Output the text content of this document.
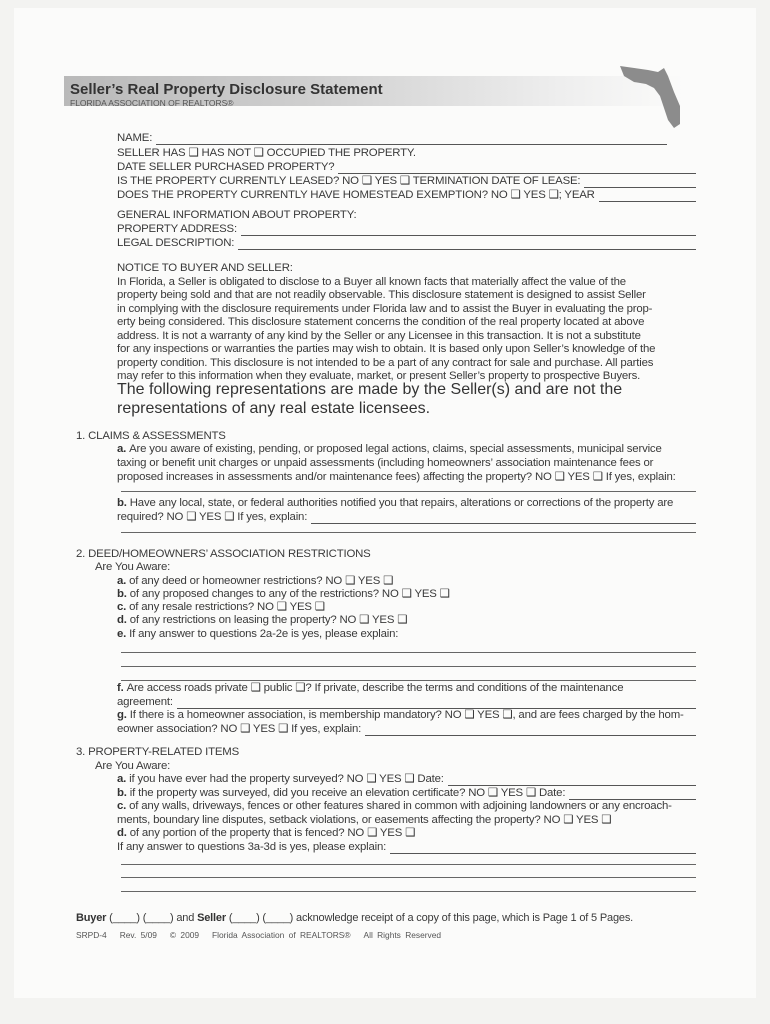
Seller’s Real Property Disclosure Statement
FLORIDA ASSOCIATION OF REALTORS®
NAME:
SELLER HAS ❑ HAS NOT ❑ OCCUPIED THE PROPERTY.
DATE SELLER PURCHASED PROPERTY?
IS THE PROPERTY CURRENTLY LEASED? NO ❑ YES ❑ TERMINATION DATE OF LEASE:
DOES THE PROPERTY CURRENTLY HAVE HOMESTEAD EXEMPTION? NO ❑ YES ❑; YEAR
GENERAL INFORMATION ABOUT PROPERTY:
PROPERTY ADDRESS:
LEGAL DESCRIPTION:
NOTICE TO BUYER AND SELLER:
In Florida, a Seller is obligated to disclose to a Buyer all known facts that materially affect the value of the
property being sold and that are not readily observable. This disclosure statement is designed to assist Seller
in complying with the disclosure requirements under Florida law and to assist the Buyer in evaluating the prop-
erty being considered. This disclosure statement concerns the condition of the real property located at above
address. It is not a warranty of any kind by the Seller or any Licensee in this transaction. It is not a substitute
for any inspections or warranties the parties may wish to obtain. It is based only upon Seller’s knowledge of the
property condition. This disclosure is not intended to be a part of any contract for sale and purchase. All parties
may refer to this information when they evaluate, market, or present Seller’s property to prospective Buyers.
The following representations are made by the Seller(s) and are not the
representations of any real estate licensees.
1. CLAIMS & ASSESSMENTS
a.
Are you aware of existing, pending, or proposed legal actions, claims, special assessments, municipal service
taxing or benefit unit charges or unpaid assessments (including homeowners’ association maintenance fees or
proposed increases in assessments and/or maintenance fees) affecting the property? NO ❑ YES ❑ If yes, explain:
b.
Have any local, state, or federal authorities notified you that repairs, alterations or corrections of the property are
required? NO ❑ YES ❑ If yes, explain:
2. DEED/HOMEOWNERS’ ASSOCIATION RESTRICTIONS
Are You Aware:
a.
of any deed or homeowner restrictions? NO ❑ YES ❑
b.
of any proposed changes to any of the restrictions? NO ❑ YES ❑
c.
of any resale restrictions? NO ❑ YES ❑
d.
of any restrictions on leasing the property? NO ❑ YES ❑
e.
If any answer to questions 2a-2e is yes, please explain:
f.
Are access roads private ❑ public ❑? If private, describe the terms and conditions of the maintenance
agreement:
g.
If there is a homeowner association, is membership mandatory? NO ❑ YES ❑, and are fees charged by the hom-
eowner association? NO ❑ YES ❑ If yes, explain:
3. PROPERTY-RELATED ITEMS
Are You Aware:
a.
if you have ever had the property surveyed? NO ❑ YES ❑ Date:
b.
if the property was surveyed, did you receive an elevation certificate? NO ❑ YES ❑ Date:
c.
of any walls, driveways, fences or other features shared in common with adjoining landowners or any encroach-
ments, boundary line disputes, setback violations, or easements affecting the property? NO ❑ YES ❑
d.
of any portion of the property that is fenced? NO ❑ YES ❑
If any answer to questions 3a-3d is yes, please explain:
Buyer
(____) (____) and
Seller
(____) (____) acknowledge receipt of a copy of this page, which is Page 1 of 5 Pages.
SRPD-4 Rev. 5/09 © 2009 Florida Association of REALTORS® All Rights Reserved
